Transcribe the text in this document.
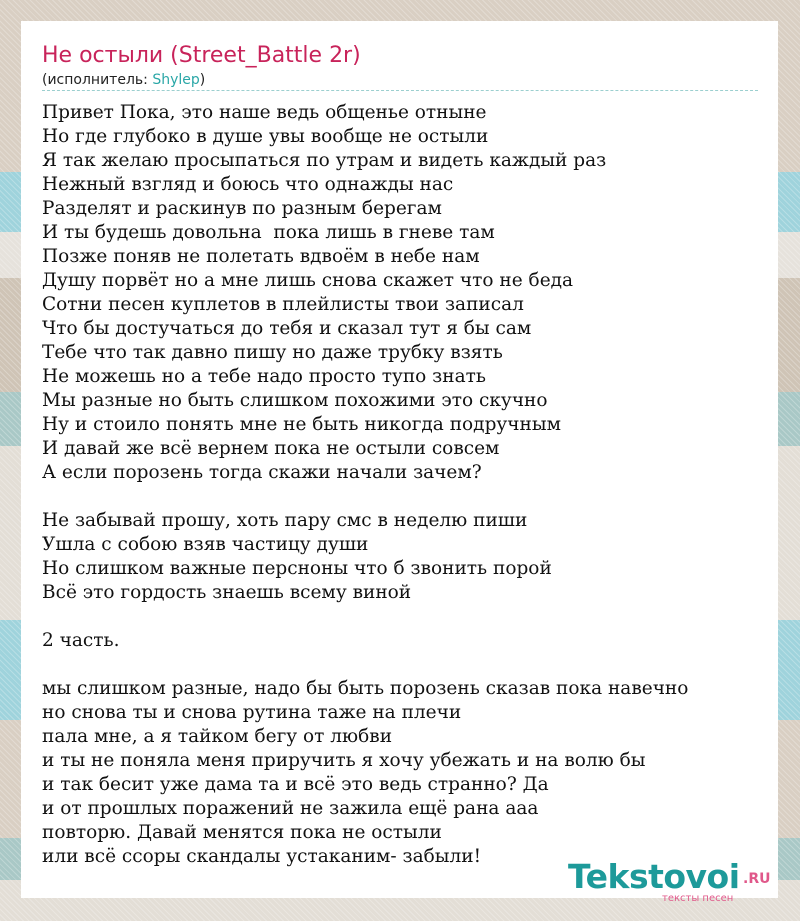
Не остыли (Street_Battle 2r)
(исполнитель: Shylep)
Привет Пока, это наше ведь общенье отныне
Но где глубоко в душе увы вообще не остыли
Я так желаю просыпаться по утрам и видеть каждый раз
Нежный взгляд и боюсь что однажды нас
Разделят и раскинув по разным берегам
И ты будешь довольна  пока лишь в гневе там
Позже поняв не полетать вдвоём в небе нам
Душу порвёт но а мне лишь снова скажет что не беда
Сотни песен куплетов в плейлисты твои записал
Что бы достучаться до тебя и сказал тут я бы сам
Тебе что так давно пишу но даже трубку взять
Не можешь но а тебе надо просто тупо знать
Мы разные но быть слишком похожими это скучно
Ну и стоило понять мне не быть никогда подручным
И давай же всё вернем пока не остыли совсем
А если порозень тогда скажи начали зачем?
Не забывай прошу, хоть пару смс в неделю пиши
Ушла с собою взяв частицу души
Но слишком важные персноны что б звонить порой
Всё это гордость знаешь всему виной
2 часть.
мы слишком разные, надо бы быть порозень сказав пока навечно
но снова ты и снова рутина таже на плечи
пала мне, а я тайком бегу от любви
и ты не поняла меня приручить я хочу убежать и на волю бы
и так бесит уже дама та и всё это ведь странно? Да
и от прошлых поражений не зажила ещё рана ааа
повторю. Давай менятся пока не остыли
или всё ссоры скандалы устаканим- забыли!
Tekstovoi .RU
тексты песен
